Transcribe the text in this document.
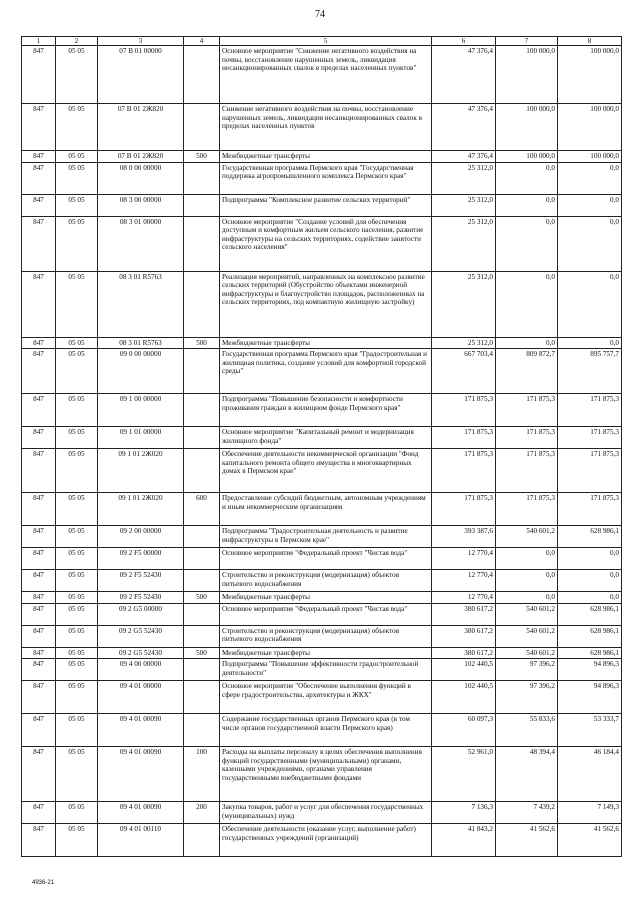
74
1	2	3	4	5	6	7	8
847	05 05	07 В 01 00000		Основное мероприятие "Снижение негативного воздействия на почвы, восстановление нарушенных земель, ликвидация несанкционированных свалок в пределах населенных пунктов"	47 376,4	100 000,0	100 000,0
847	05 05	07 В 01 2Ж820		Снижение негативного воздействия на почвы, восстановление нарушенных земель, ликвидация несанкционированных свалок в пределах населенных пунктов	47 376,4	100 000,0	100 000,0
847	05 05	07 В 01 2Ж820	500	Межбюджетные трансферты	47 376,4	100 000,0	100 000,0
847	05 05	08 0 00 00000		Государственная программа Пермского края "Государственная поддержка агропромышленного комплекса Пермского края"	25 312,0	0,0	0,0
847	05 05	08 3 00 00000		Подпрограмма "Комплексное развитие сельских территорий"	25 312,0	0,0	0,0
847	05 05	08 3 01 00000		Основное мероприятие "Создание условий для обеспечения доступным и комфортным жильем сельского населения, развитие инфраструктуры на сельских территориях, содействие занятости сельского населения"	25 312,0	0,0	0,0
847	05 05	08 3 01 R5763		Реализация мероприятий, направленных на комплексное развитие сельских территорий (Обустройство объектами инженерной инфраструктуры и благоустройство площадок, расположенных на сельских территориях, под компактную жилищную застройку)	25 312,0	0,0	0,0
847	05 05	08 3 01 R5763	500	Межбюджетные трансферты	25 312,0	0,0	0,0
847	05 05	09 0 00 00000		Государственная программа Пермского края "Градостроительная и жилищная политика, создание условий для комфортной городской среды"	667 703,4	809 872,7	895 757,7
847	05 05	09 1 00 00000		Подпрограмма "Повышение безопасности и комфортности проживания граждан в жилищном фонде Пермского края"	171 875,3	171 875,3	171 875,3
847	05 05	09 1 01 00000		Основное мероприятие "Капитальный ремонт и модернизация жилищного фонда"	171 875,3	171 875,3	171 875,3
847	05 05	09 1 01 2Ж020		Обеспечение деятельности некоммерческой организации "Фонд капитального ремонта общего имущества в многоквартирных домах в Пермском крае"	171 875,3	171 875,3	171 875,3
847	05 05	09 1 01 2Ж020	600	Предоставление субсидий бюджетным, автономным учреждениям и иным некоммерческим организациям	171 875,3	171 875,3	171 875,3
847	05 05	09 2 00 00000		Подпрограмма "Градостроительная деятельность и развитие инфраструктуры в Пермском крае"	393 387,6	540 601,2	628 986,1
847	05 05	09 2 F5 00000		Основное мероприятие "Федеральный проект "Чистая вода"	12 770,4	0,0	0,0
847	05 05	09 2 F5 52430		Строительство и реконструкция (модернизация) объектов питьевого водоснабжения	12 770,4	0,0	0,0
847	05 05	09 2 F5 52430	500	Межбюджетные трансферты	12 770,4	0,0	0,0
847	05 05	09 2 G5 00000		Основное мероприятие "Федеральный проект "Чистая вода"	380 617,2	540 601,2	628 986,1
847	05 05	09 2 G5 52430		Строительство и реконструкция (модернизация) объектов питьевого водоснабжения	380 617,2	540 601,2	628 986,1
847	05 05	09 2 G5 52430	500	Межбюджетные трансферты	380 617,2	540 601,2	628 986,1
847	05 05	09 4 00 00000		Подпрограмма "Повышение эффективности градостроительной деятельности"	102 440,5	97 396,2	94 896,3
847	05 05	09 4 01 00000		Основное мероприятие "Обеспечение выполнения функций в сфере градостроительства, архитектуры и ЖКХ"	102 440,5	97 396,2	94 896,3
847	05 05	09 4 01 00090		Содержание государственных органов Пермского края (в том числе органов государственной власти Пермского края)	60 097,3	55 833,6	53 333,7
847	05 05	09 4 01 00090	100	Расходы на выплаты персоналу в целях обеспечения выполнения функций государственными (муниципальными) органами, казенными учреждениями, органами управления государственными внебюджетными фондами	52 961,0	48 394,4	46 184,4
847	05 05	09 4 01 00090	200	Закупка товаров, работ и услуг для обеспечения государственных (муниципальных) нужд	7 136,3	7 439,2	7 149,3
847	05 05	09 4 01 00110		Обеспечение деятельности (оказание услуг, выполнение работ) государственных учреждений (организаций)	41 843,2	41 562,6	41 562,6
4936-21
